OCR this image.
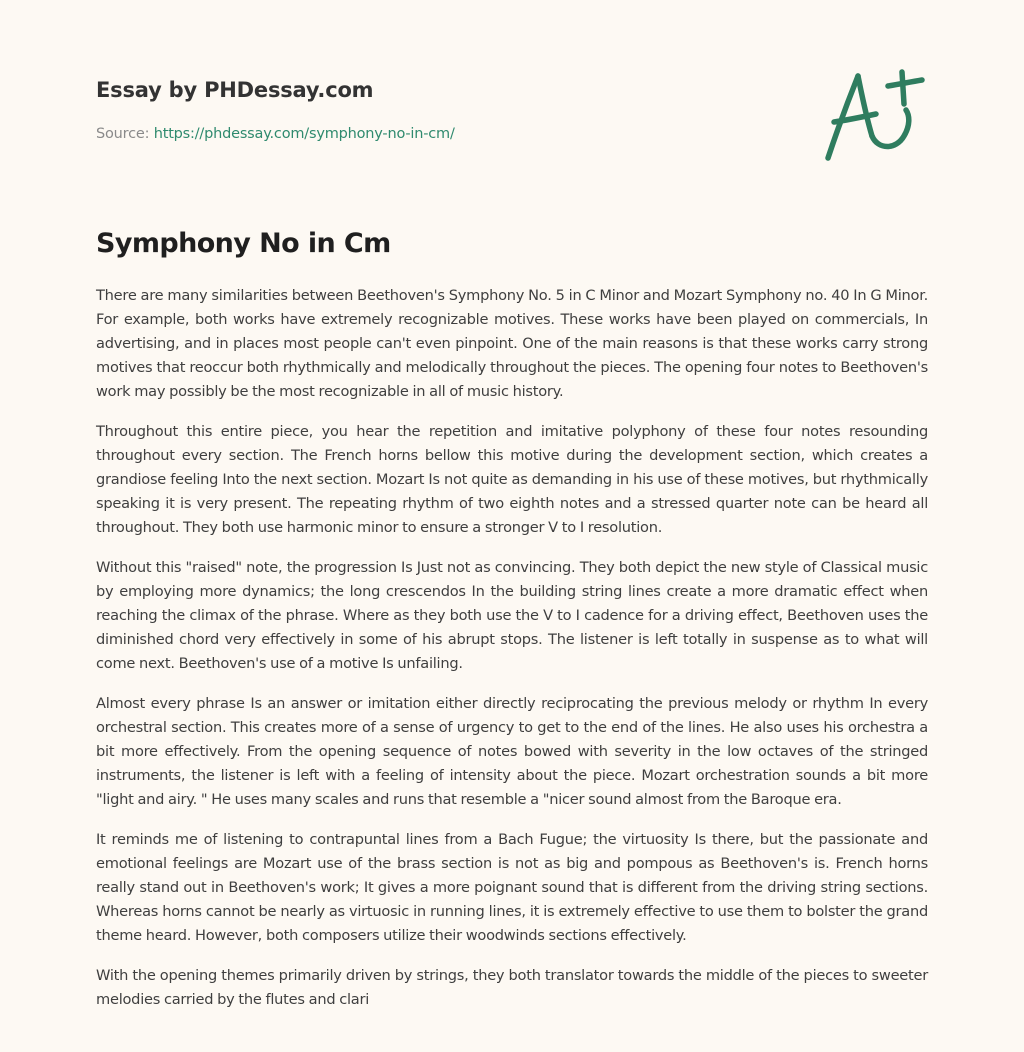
Essay by PHDessay.com
Source: https://phdessay.com/symphony-no-in-cm/
Symphony No in Cm

There are many similarities between Beethoven's Symphony No. 5 in C Minor and Mozart Symphony no. 40 In G Minor. For example, both works have extremely recognizable motives. These works have been played on commercials, In advertising, and in places most people can't even pinpoint. One of the main reasons is that these works carry strong motives that reoccur both rhythmically and melodically throughout the pieces. The opening four notes to Beethoven's work may possibly be the most recognizable in all of music history.

Throughout this entire piece, you hear the repetition and imitative polyphony of these four notes resounding throughout every section. The French horns bellow this motive during the development section, which creates a grandiose feeling Into the next section. Mozart Is not quite as demanding in his use of these motives, but rhythmically speaking it is very present. The repeating rhythm of two eighth notes and a stressed quarter note can be heard all throughout. They both use harmonic minor to ensure a stronger V to I resolution.

Without this "raised" note, the progression Is Just not as convincing. They both depict the new style of Classical music by employing more dynamics; the long crescendos In the building string lines create a more dramatic effect when reaching the climax of the phrase. Where as they both use the V to I cadence for a driving effect, Beethoven uses the diminished chord very effectively in some of his abrupt stops. The listener is left totally in suspense as to what will come next. Beethoven's use of a motive Is unfailing.

Almost every phrase Is an answer or imitation either directly reciprocating the previous melody or rhythm In every orchestral section. This creates more of a sense of urgency to get to the end of the lines. He also uses his orchestra a bit more effectively. From the opening sequence of notes bowed with severity in the low octaves of the stringed instruments, the listener is left with a feeling of intensity about the piece. Mozart orchestration sounds a bit more "light and airy. " He uses many scales and runs that resemble a "nicer sound almost from the Baroque era.

It reminds me of listening to contrapuntal lines from a Bach Fugue; the virtuosity Is there, but the passionate and emotional feelings are Mozart use of the brass section is not as big and pompous as Beethoven's is. French horns really stand out in Beethoven's work; It gives a more poignant sound that is different from the driving string sections. Whereas horns cannot be nearly as virtuosic in running lines, it is extremely effective to use them to bolster the grand theme heard. However, both composers utilize their woodwinds sections effectively.

With the opening themes primarily driven by strings, they both translator towards the middle of the pieces to sweeter melodies carried by the flutes and clari
